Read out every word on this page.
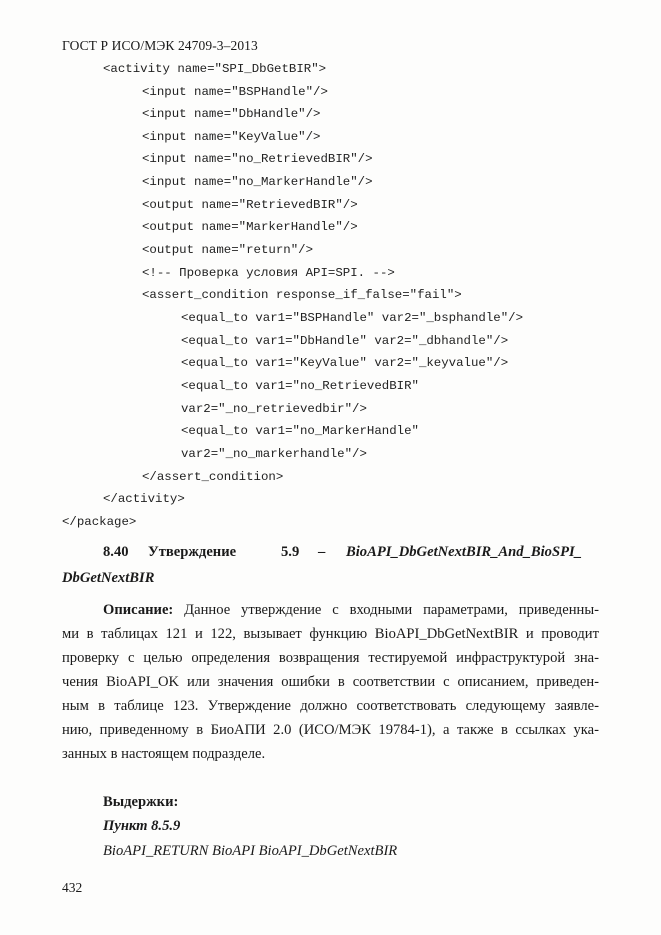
ГОСТ Р ИСО/МЭК 24709-3–2013
<activity name="SPI_DbGetBIR">
<input name="BSPHandle"/>
<input name="DbHandle"/>
<input name="KeyValue"/>
<input name="no_RetrievedBIR"/>
<input name="no_MarkerHandle"/>
<output name="RetrievedBIR"/>
<output name="MarkerHandle"/>
<output name="return"/>
<!-- Проверка условия API=SPI. -->
<assert_condition response_if_false="fail">
<equal_to var1="BSPHandle" var2="_bsphandle"/>
<equal_to var1="DbHandle" var2="_dbhandle"/>
<equal_to var1="KeyValue" var2="_keyvalue"/>
<equal_to var1="no_RetrievedBIR"
var2="_no_retrievedbir"/>
<equal_to var1="no_MarkerHandle"
var2="_no_markerhandle"/>
</assert_condition>
</activity>
</package>
8.40 Утверждение	5.9 – BioAPI_DbGetNextBIR_And_BioSPI_
DbGetNextBIR
Описание: Данное утверждение с входными параметрами, приведенны-
ми в таблицах 121 и 122, вызывает функцию BioAPI_DbGetNextBIR и проводит
проверку с целью определения возвращения тестируемой инфраструктурой зна-
чения BioAPI_OK или значения ошибки в соответствии с описанием, приведен-
ным в таблице 123. Утверждение должно соответствовать следующему заявле-
нию, приведенному в БиоАПИ 2.0 (ИСО/МЭК 19784-1), а также в ссылках ука-
занных в настоящем подразделе.
Выдержки:
Пункт 8.5.9
BioAPI_RETURN BioAPI BioAPI_DbGetNextBIR
432
